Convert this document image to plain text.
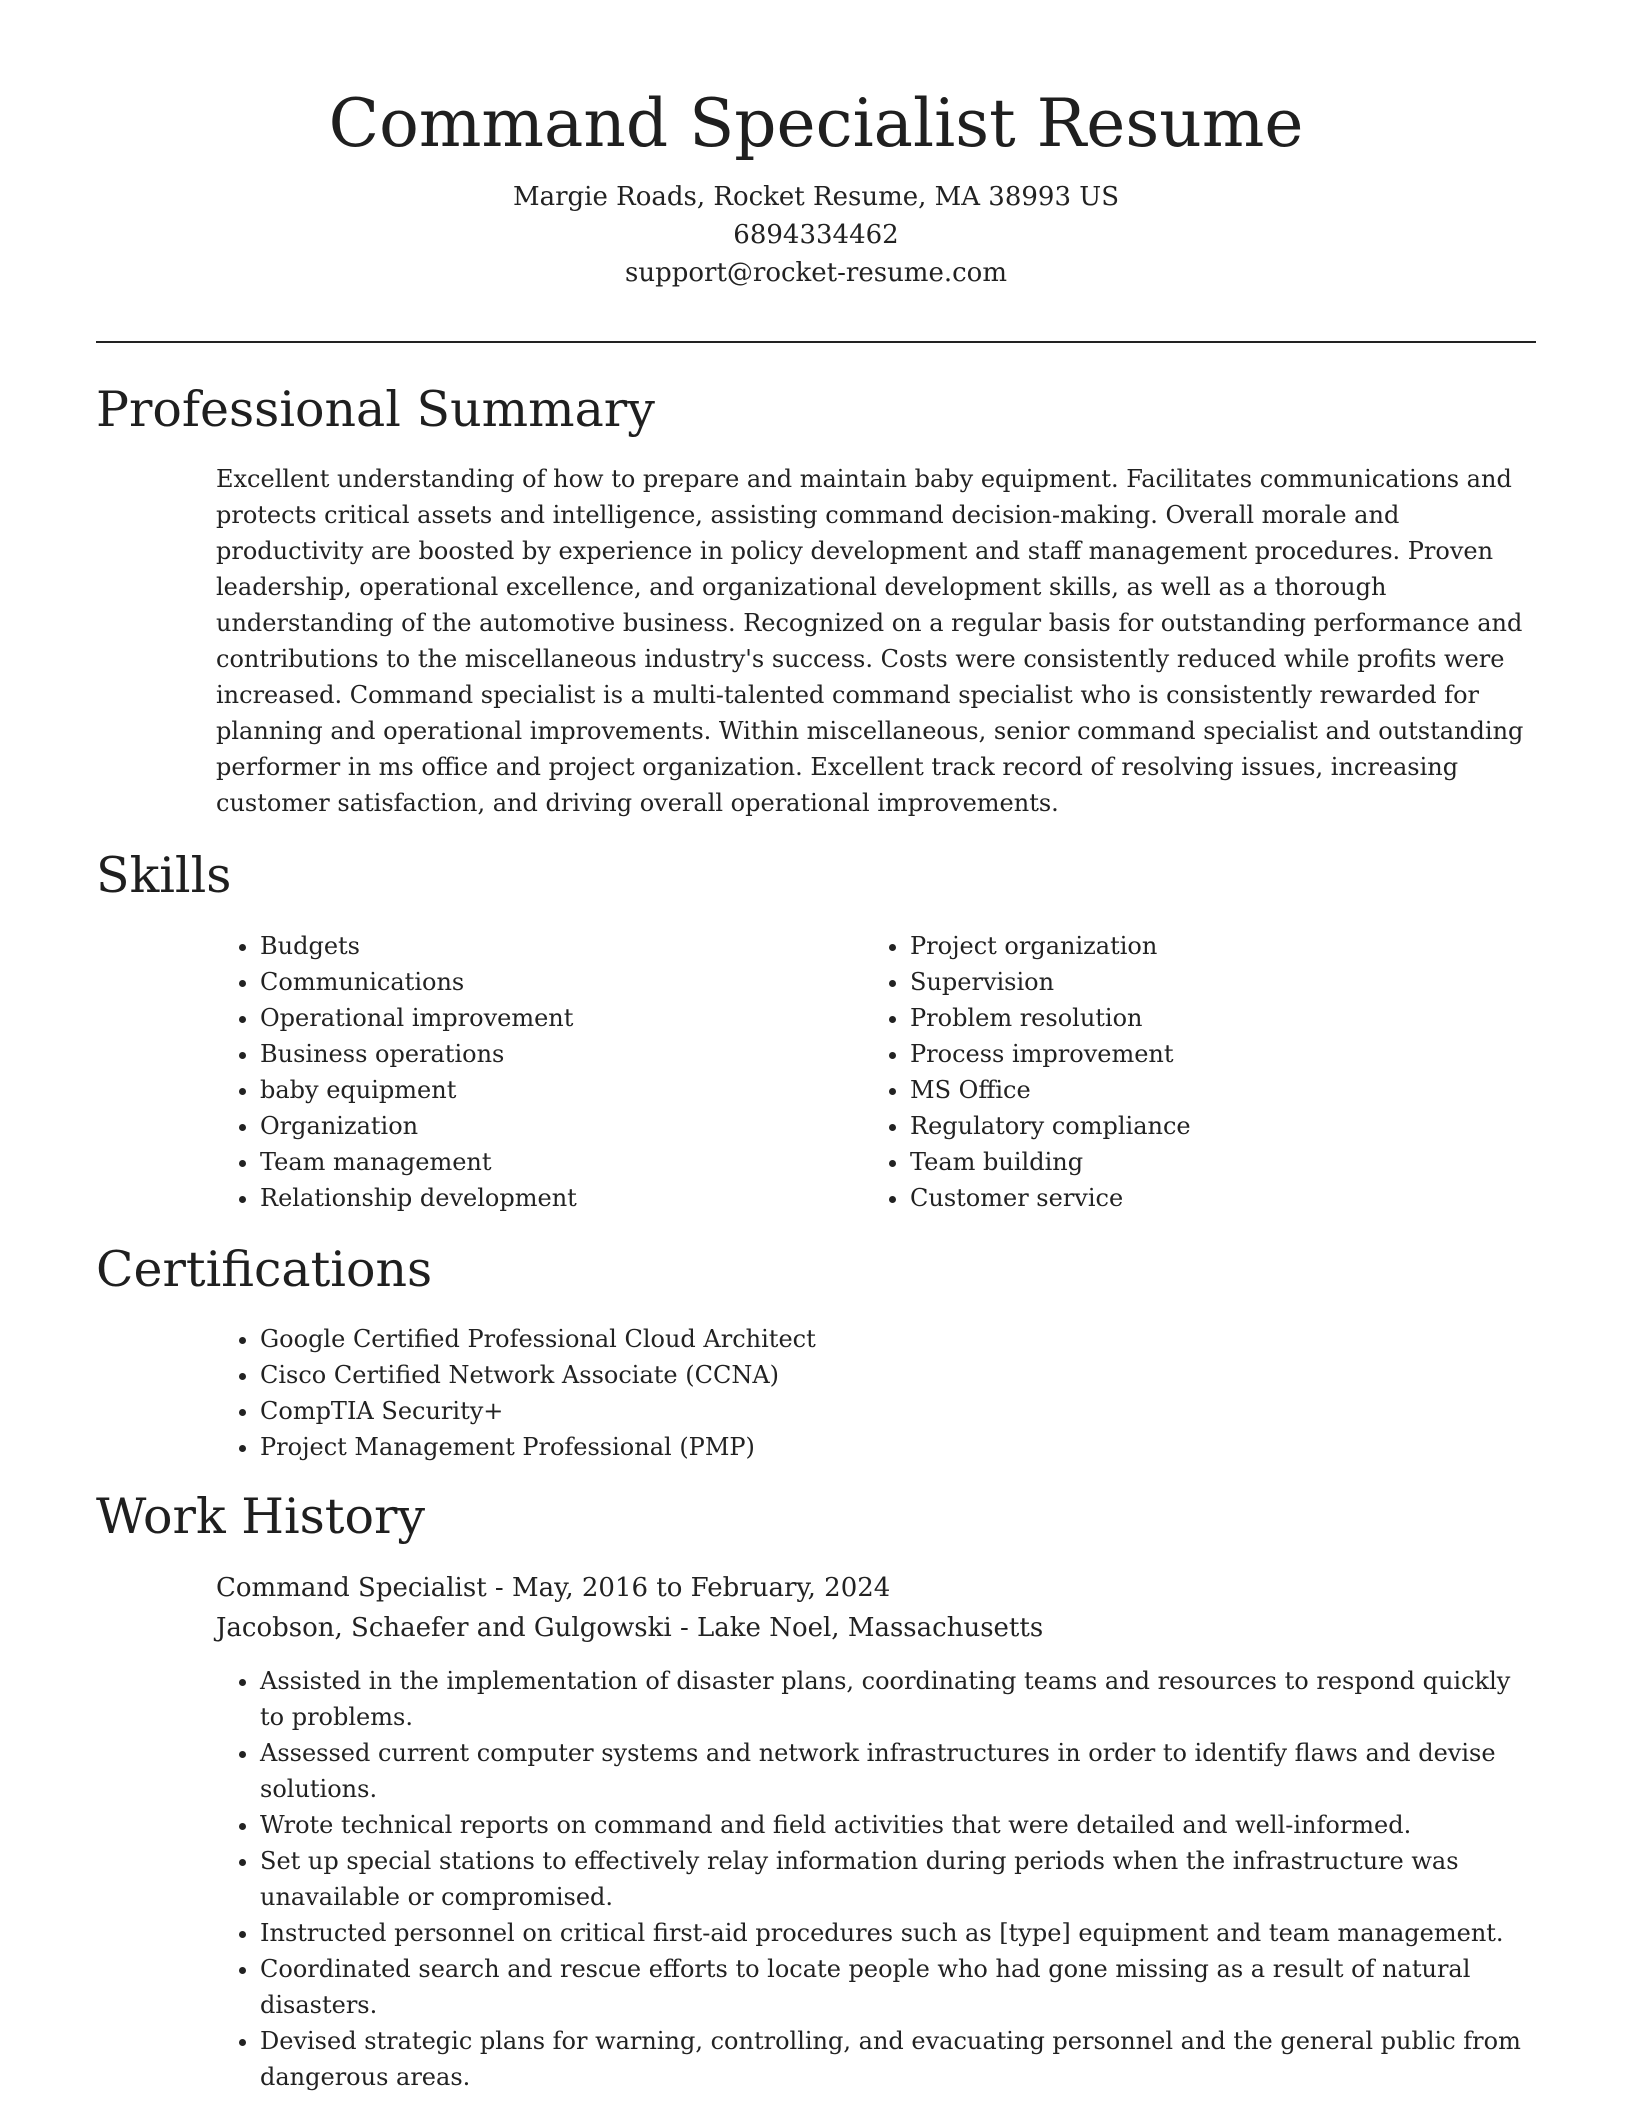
Command Specialist Resume
Margie Roads, Rocket Resume, MA 38993 US
6894334462
support@rocket-resume.com
Professional Summary

Excellent understanding of how to prepare and maintain baby equipment. Facilitates communications and protects critical assets and intelligence, assisting command decision-making. Overall morale and productivity are boosted by experience in policy development and staff management procedures. Proven leadership, operational excellence, and organizational development skills, as well as a thorough understanding of the automotive business. Recognized on a regular basis for outstanding performance and contributions to the miscellaneous industry's success. Costs were consistently reduced while profits were increased. Command specialist is a multi-talented command specialist who is consistently rewarded for planning and operational improvements. Within miscellaneous, senior command specialist and outstanding performer in ms office and project organization. Excellent track record of resolving issues, increasing customer satisfaction, and driving overall operational improvements.

Skills
• Budgets
• Communications
• Operational improvement
• Business operations
• baby equipment
• Organization
• Team management
• Relationship development
• Project organization
• Supervision
• Problem resolution
• Process improvement
• MS Office
• Regulatory compliance
• Team building
• Customer service
Certifications
• Google Certified Professional Cloud Architect
• Cisco Certified Network Associate (CCNA)
• CompTIA Security+
• Project Management Professional (PMP)
Work History
Command Specialist - May, 2016 to February, 2024
Jacobson, Schaefer and Gulgowski - Lake Noel, Massachusetts
• Assisted in the implementation of disaster plans, coordinating teams and resources to respond quickly to problems.
• Assessed current computer systems and network infrastructures in order to identify flaws and devise solutions.
• Wrote technical reports on command and field activities that were detailed and well-informed.
• Set up special stations to effectively relay information during periods when the infrastructure was unavailable or compromised.
• Instructed personnel on critical first-aid procedures such as [type] equipment and team management.
• Coordinated search and rescue efforts to locate people who had gone missing as a result of natural disasters.
• Devised strategic plans for warning, controlling, and evacuating personnel and the general public from dangerous areas.
